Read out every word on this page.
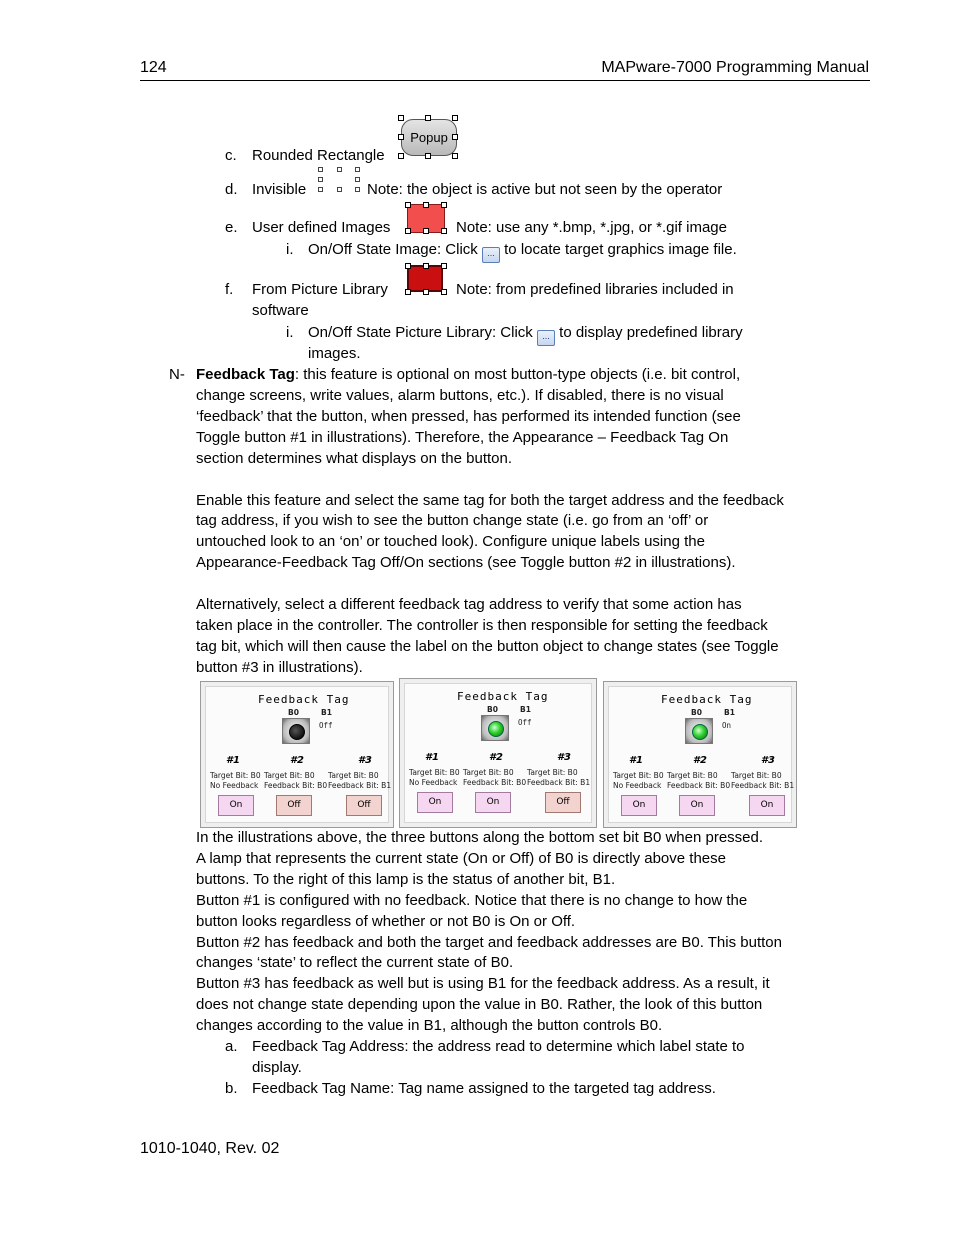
124	MAPware-7000 Programming Manual
c. Rounded Rectangle
Popup
d. Invisible	Note: the object is active but not seen by the operator
e. User defined Images	Note: use any *.bmp, *.jpg, or *.gif image
i. On/Off State Image: Click ... to locate target graphics image file.
f. From Picture Library	Note: from predefined libraries included in
software
i. On/Off State Picture Library: Click ... to display predefined library
images.
N- Feedback Tag: this feature is optional on most button-type objects (i.e. bit control,
change screens, write values, alarm buttons, etc.). If disabled, there is no visual
‘feedback’ that the button, when pressed, has performed its intended function (see
Toggle button #1 in illustrations). Therefore, the Appearance – Feedback Tag On
section determines what displays on the button.
Enable this feature and select the same tag for both the target address and the feedback
tag address, if you wish to see the button change state (i.e. go from an ‘off’ or
untouched look to an ‘on’ or touched look). Configure unique labels using the
Appearance-Feedback Tag Off/On sections (see Toggle button #2 in illustrations).
Alternatively, select a different feedback tag address to verify that some action has
taken place in the controller. The controller is then responsible for setting the feedback
tag bit, which will then cause the label on the button object to change states (see Toggle
button #3 in illustrations).
Feedback Tag
B0	B1
Off
#1
Target Bit: B0
No Feedback
On
#2
Target Bit: B0
Feedback Bit: B0
Off
#3
Target Bit: B0
Feedback Bit: B1
Off
Feedback Tag
B0	B1
Off
#1
Target Bit: B0
No Feedback
On
#2
Target Bit: B0
Feedback Bit: B0
On
#3
Target Bit: B0
Feedback Bit: B1
Off
Feedback Tag
B0	B1
On
#1
Target Bit: B0
No Feedback
On
#2
Target Bit: B0
Feedback Bit: B0
On
#3
Target Bit: B0
Feedback Bit: B1
On
In the illustrations above, the three buttons along the bottom set bit B0 when pressed.
A lamp that represents the current state (On or Off) of B0 is directly above these
buttons. To the right of this lamp is the status of another bit, B1.
Button #1 is configured with no feedback. Notice that there is no change to how the
button looks regardless of whether or not B0 is On or Off.
Button #2 has feedback and both the target and feedback addresses are B0. This button
changes ‘state’ to reflect the current state of B0.
Button #3 has feedback as well but is using B1 for the feedback address. As a result, it
does not change state depending upon the value in B0. Rather, the look of this button
changes according to the value in B1, although the button controls B0.
a. Feedback Tag Address: the address read to determine which label state to
display.
b. Feedback Tag Name: Tag name assigned to the targeted tag address.
1010-1040, Rev. 02
